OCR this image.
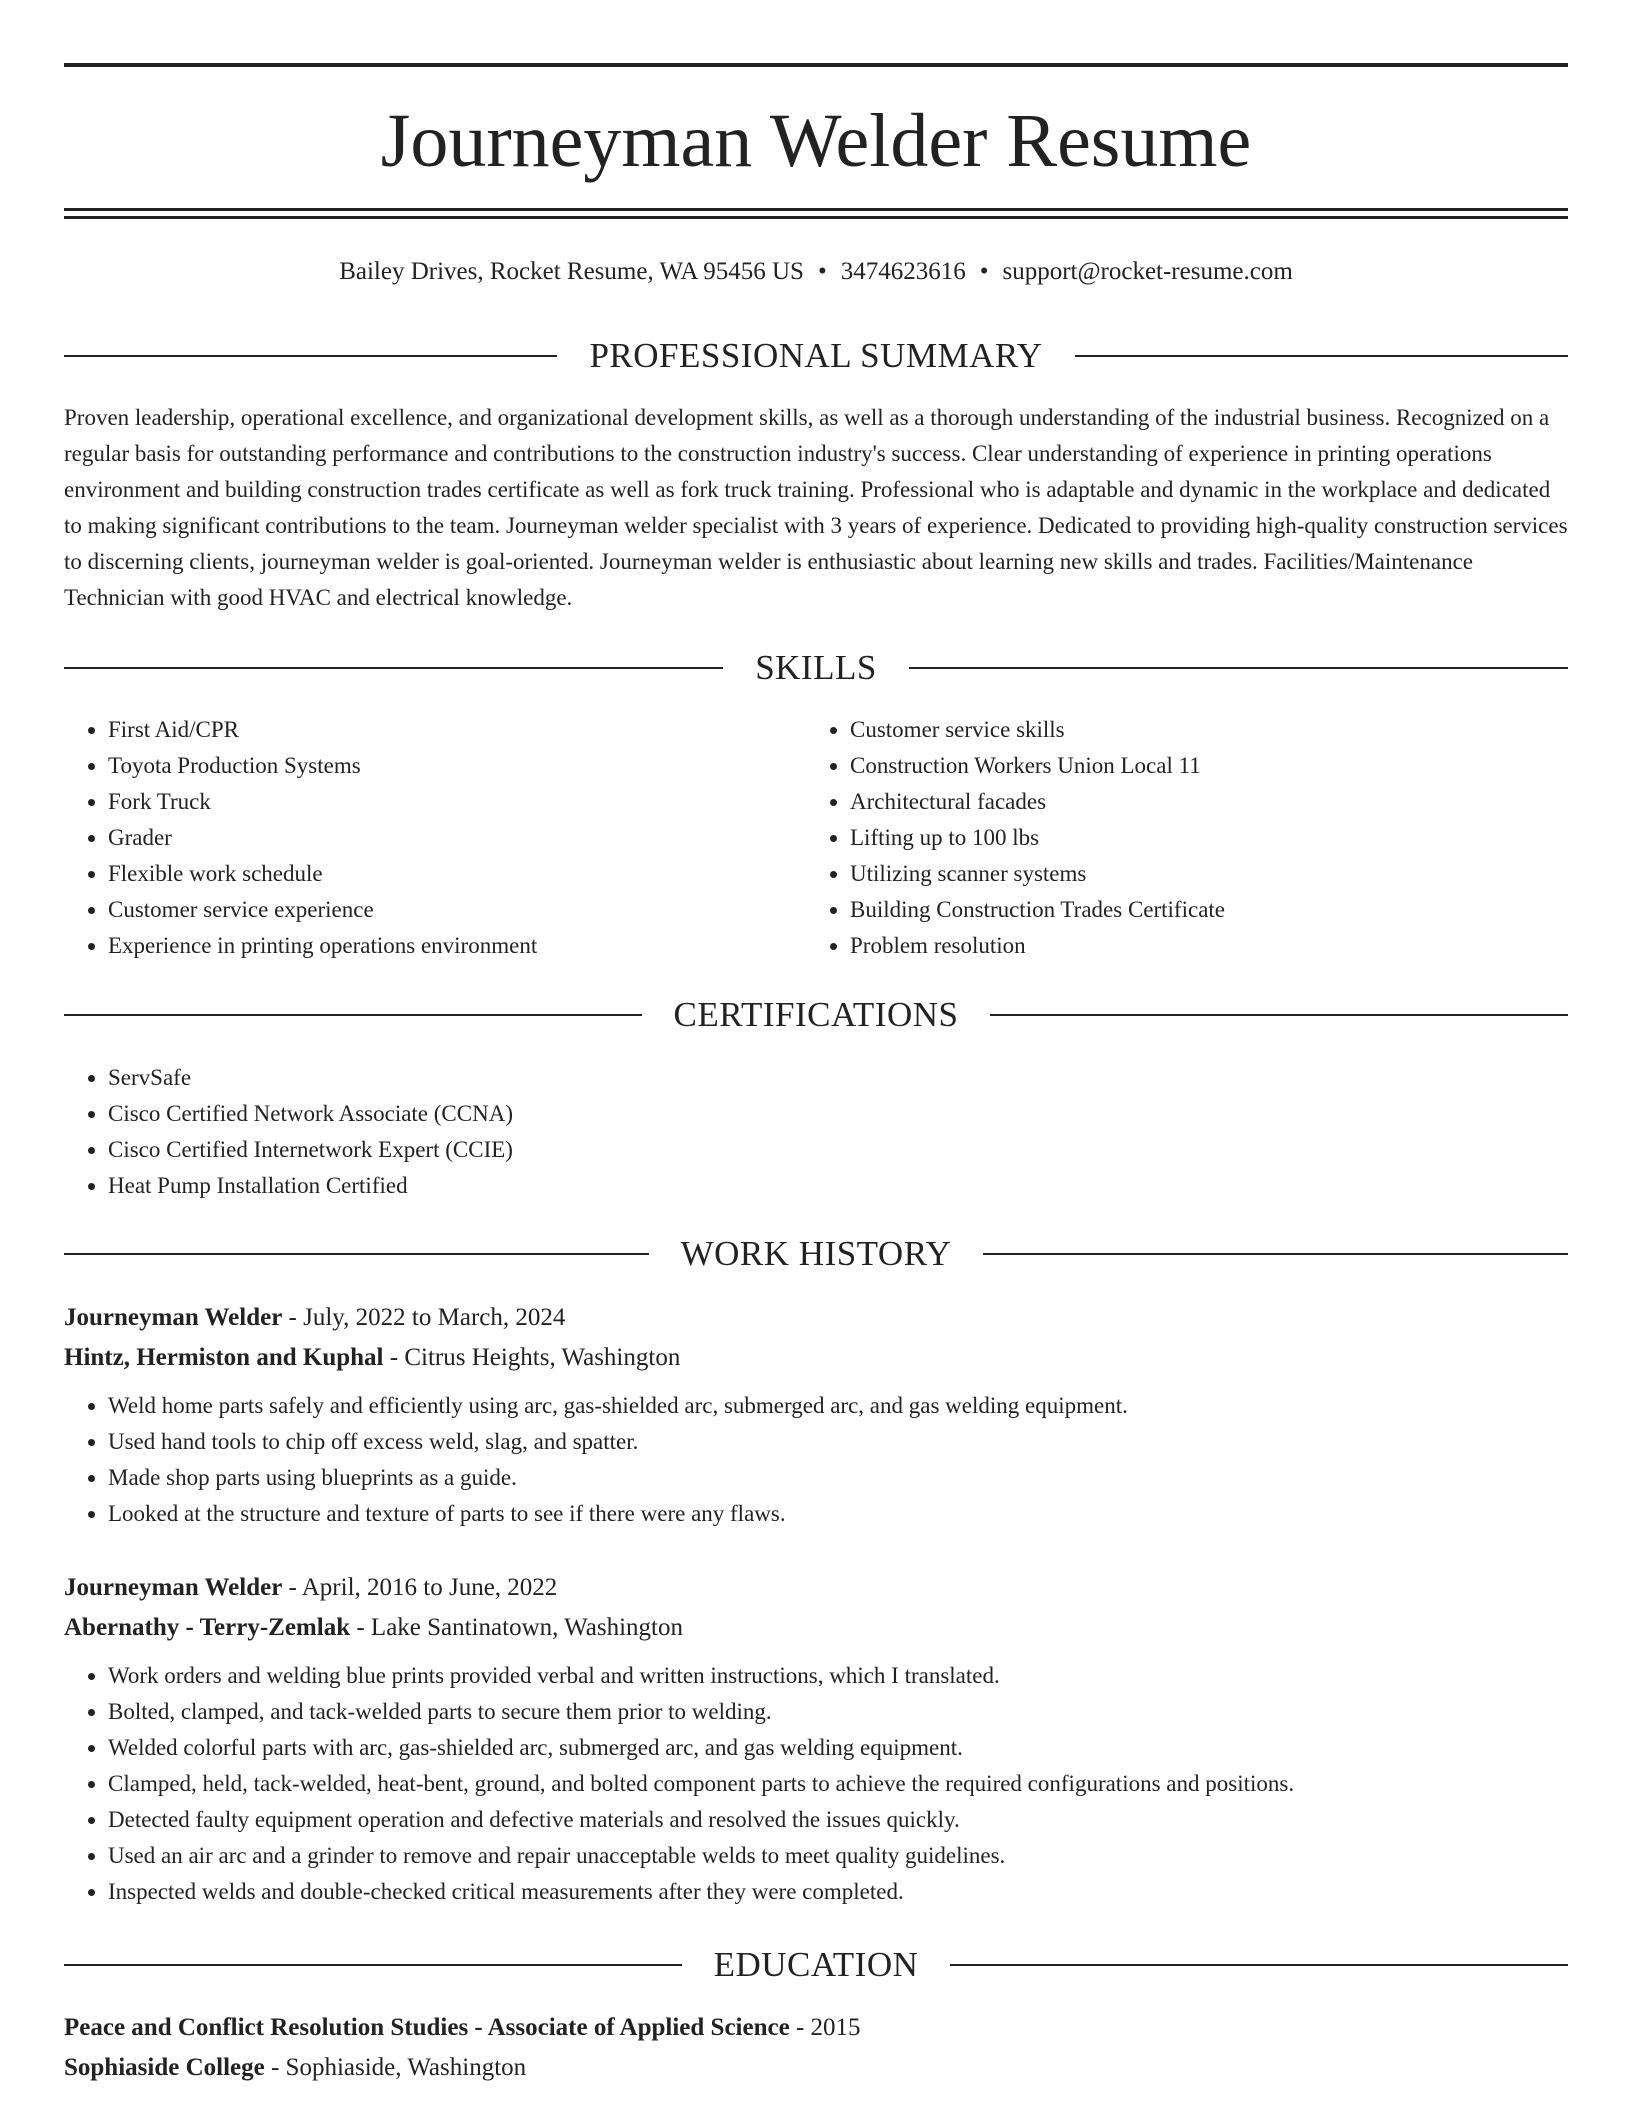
Journeyman Welder Resume
Bailey Drives, Rocket Resume, WA 95456 US • 3474623616 • support@rocket-resume.com
PROFESSIONAL SUMMARY

Proven leadership, operational excellence, and organizational development skills, as well as a thorough understanding of the industrial business. Recognized on a regular basis for outstanding performance and contributions to the construction industry's success. Clear understanding of experience in printing operations environment and building construction trades certificate as well as fork truck training. Professional who is adaptable and dynamic in the workplace and dedicated to making significant contributions to the team. Journeyman welder specialist with 3 years of experience. Dedicated to providing high-quality construction services to discerning clients, journeyman welder is goal-oriented. Journeyman welder is enthusiastic about learning new skills and trades. Facilities/Maintenance Technician with good HVAC and electrical knowledge.

SKILLS
• First Aid/CPR
• Toyota Production Systems
• Fork Truck
• Grader
• Flexible work schedule
• Customer service experience
• Experience in printing operations environment
• Customer service skills
• Construction Workers Union Local 11
• Architectural facades
• Lifting up to 100 lbs
• Utilizing scanner systems
• Building Construction Trades Certificate
• Problem resolution
CERTIFICATIONS
• ServSafe
• Cisco Certified Network Associate (CCNA)
• Cisco Certified Internetwork Expert (CCIE)
• Heat Pump Installation Certified
WORK HISTORY
Journeyman Welder - July, 2022 to March, 2024
Hintz, Hermiston and Kuphal - Citrus Heights, Washington
• Weld home parts safely and efficiently using arc, gas-shielded arc, submerged arc, and gas welding equipment.
• Used hand tools to chip off excess weld, slag, and spatter.
• Made shop parts using blueprints as a guide.
• Looked at the structure and texture of parts to see if there were any flaws.
Journeyman Welder - April, 2016 to June, 2022
Abernathy - Terry-Zemlak - Lake Santinatown, Washington
• Work orders and welding blue prints provided verbal and written instructions, which I translated.
• Bolted, clamped, and tack-welded parts to secure them prior to welding.
• Welded colorful parts with arc, gas-shielded arc, submerged arc, and gas welding equipment.
• Clamped, held, tack-welded, heat-bent, ground, and bolted component parts to achieve the required configurations and positions.
• Detected faulty equipment operation and defective materials and resolved the issues quickly.
• Used an air arc and a grinder to remove and repair unacceptable welds to meet quality guidelines.
• Inspected welds and double-checked critical measurements after they were completed.
EDUCATION
Peace and Conflict Resolution Studies - Associate of Applied Science - 2015
Sophiaside College - Sophiaside, Washington
